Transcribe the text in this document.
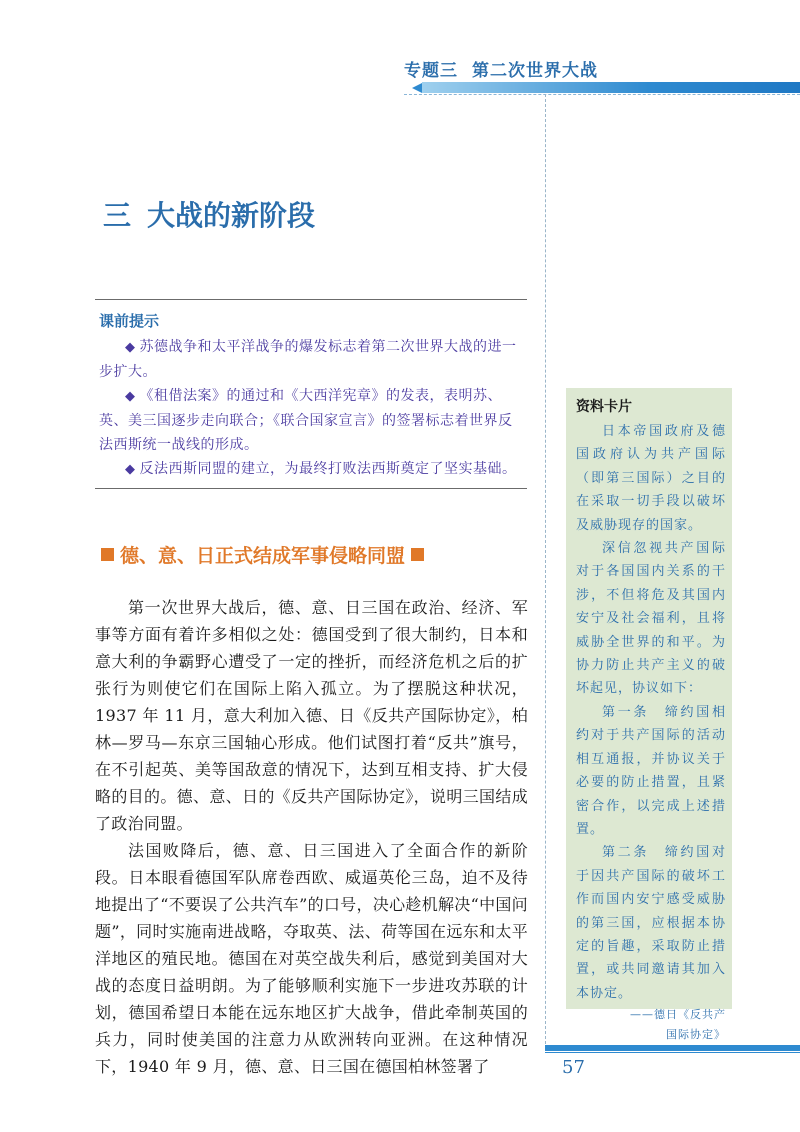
专题三 第二次世界大战
三 大战的新阶段
课前提示
◆ 苏德战争和太平洋战争的爆发标志着第二次世界大战的进一步扩大。
◆ 《租借法案》的通过和《大西洋宪章》的发表，表明苏、英、美三国逐步走向联合；《联合国家宣言》的签署标志着世界反法西斯统一战线的形成。
◆ 反法西斯同盟的建立，为最终打败法西斯奠定了坚实基础。
德、意、日正式结成军事侵略同盟

第一次世界大战后，德、意、日三国在政治、经济、军事等方面有着许多相似之处：德国受到了很大制约，日本和意大利的争霸野心遭受了一定的挫折，而经济危机之后的扩张行为则使它们在国际上陷入孤立。为了摆脱这种状况，1937 年 11 月，意大利加入德、日《反共产国际协定》，柏林—罗马—东京三国轴心形成。他们试图打着“反共”旗号，在不引起英、美等国敌意的情况下，达到互相支持、扩大侵略的目的。德、意、日的《反共产国际协定》，说明三国结成了政治同盟。

法国败降后，德、意、日三国进入了全面合作的新阶段。日本眼看德国军队席卷西欧、威逼英伦三岛，迫不及待地提出了“不要误了公共汽车”的口号，决心趁机解决“中国问题”，同时实施南进战略，夺取英、法、荷等国在远东和太平洋地区的殖民地。德国在对英空战失利后，感觉到美国对大战的态度日益明朗。为了能够顺利实施下一步进攻苏联的计划，德国希望日本能在远东地区扩大战争，借此牵制英国的兵力，同时使美国的注意力从欧洲转向亚洲。在这种情况下，1940 年 9 月，德、意、日三国在德国柏林签署了

资料卡片

日本帝国政府及德国政府认为共产国际（即第三国际）之目的在采取一切手段以破坏及威胁现存的国家。

深信忽视共产国际对于各国国内关系的干涉，不但将危及其国内安宁及社会福利，且将威胁全世界的和平。为协力防止共产主义的破坏起见，协议如下：

第一条　缔约国相约对于共产国际的活动相互通报，并协议关于必要的防止措置，且紧密合作，以完成上述措置。

第二条　缔约国对于因共产国际的破坏工作而国内安宁感受威胁的第三国，应根据本协定的旨趣，采取防止措置，或共同邀请其加入本协定。

——德日《反共产
国际协定》
57
